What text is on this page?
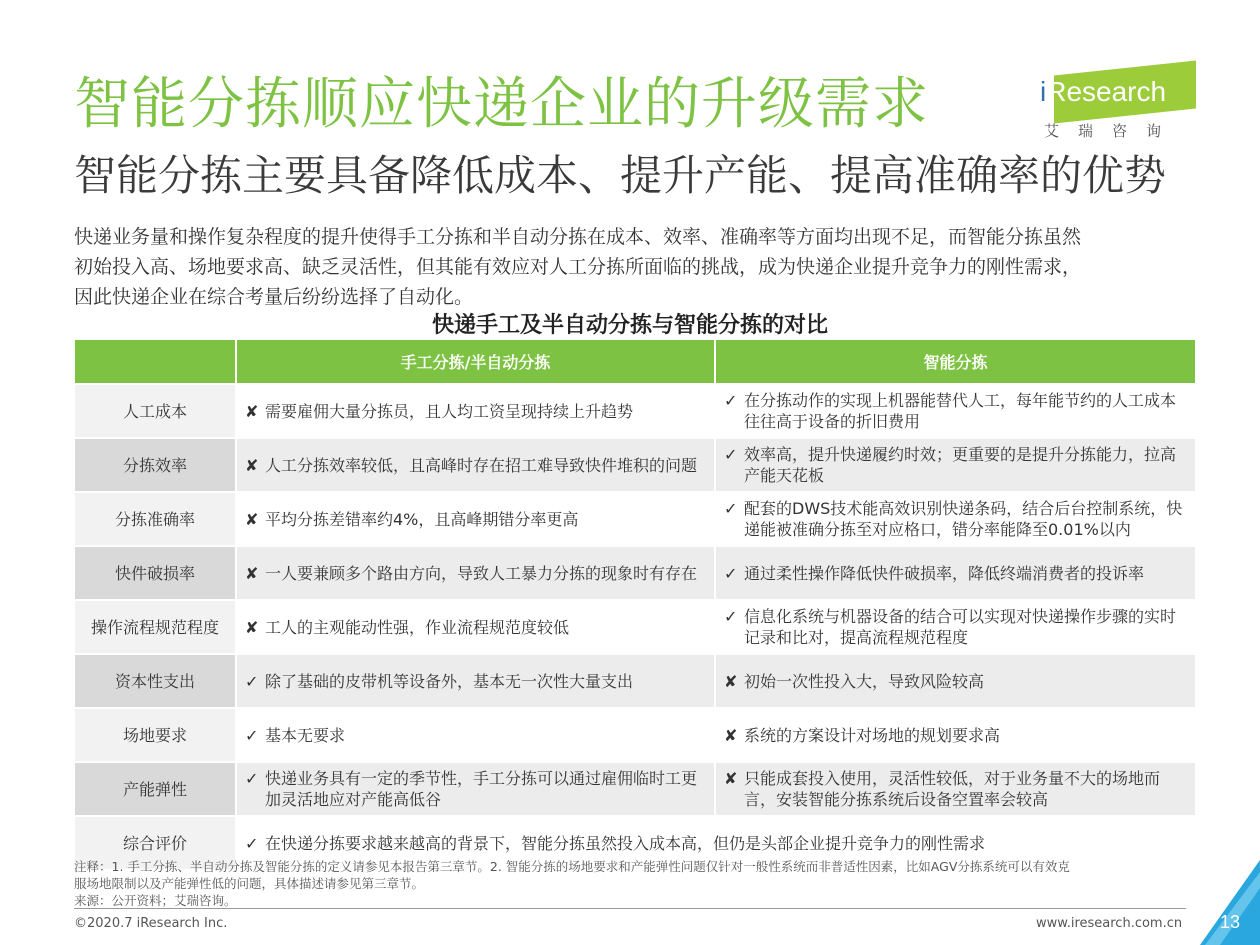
智能分拣顺应快递企业的升级需求
智能分拣主要具备降低成本、提升产能、提高准确率的优势
iResearch
艾瑞咨询
快递业务量和操作复杂程度的提升使得手工分拣和半自动分拣在成本、效率、准确率等方面均出现不足，而智能分拣虽然
初始投入高、场地要求高、缺乏灵活性，但其能有效应对人工分拣所面临的挑战，成为快递企业提升竞争力的刚性需求，
因此快递企业在综合考量后纷纷选择了自动化。
快递手工及半自动分拣与智能分拣的对比
	手工分拣/半自动分拣	智能分拣
人工成本	✘ 需要雇佣大量分拣员，且人均工资呈现持续上升趋势	✓ 在分拣动作的实现上机器能替代人工，每年能节约的人工成本往往高于设备的折旧费用

分拣效率	✘ 人工分拣效率较低，且高峰时存在招工难导致快件堆积的问题	✓ 效率高，提升快递履约时效；更重要的是提升分拣能力，拉高产能天花板

分拣准确率	✘ 平均分拣差错率约4%，且高峰期错分率更高	✓ 配套的DWS技术能高效识别快递条码，结合后台控制系统，快递能被准确分拣至对应格口，错分率能降至0.01%以内

快件破损率	✘ 一人要兼顾多个路由方向，导致人工暴力分拣的现象时有存在	✓ 通过柔性操作降低快件破损率，降低终端消费者的投诉率

操作流程规范程度	✘ 工人的主观能动性强，作业流程规范度较低	✓ 信息化系统与机器设备的结合可以实现对快递操作步骤的实时记录和比对，提高流程规范程度

资本性支出	✓ 除了基础的皮带机等设备外，基本无一次性大量支出	✘ 初始一次性投入大，导致风险较高

场地要求	✓ 基本无要求	✘ 系统的方案设计对场地的规划要求高

产能弹性	✓ 快递业务具有一定的季节性，手工分拣可以通过雇佣临时工更加灵活地应对产能高低谷	✘ 只能成套投入使用，灵活性较低，对于业务量不大的场地而言，安装智能分拣系统后设备空置率会较高

综合评价	✓ 在快递分拣要求越来越高的背景下，智能分拣虽然投入成本高，但仍是头部企业提升竞争力的刚性需求	
注释：1. 手工分拣、半自动分拣及智能分拣的定义请参见本报告第三章节。2. 智能分拣的场地要求和产能弹性问题仅针对一般性系统而非普适性因素，比如AGV分拣系统可以有效克
服场地限制以及产能弹性低的问题，具体描述请参见第三章节。
来源：公开资料；艾瑞咨询。
©2020.7 iResearch Inc.	www.iresearch.com.cn 13
